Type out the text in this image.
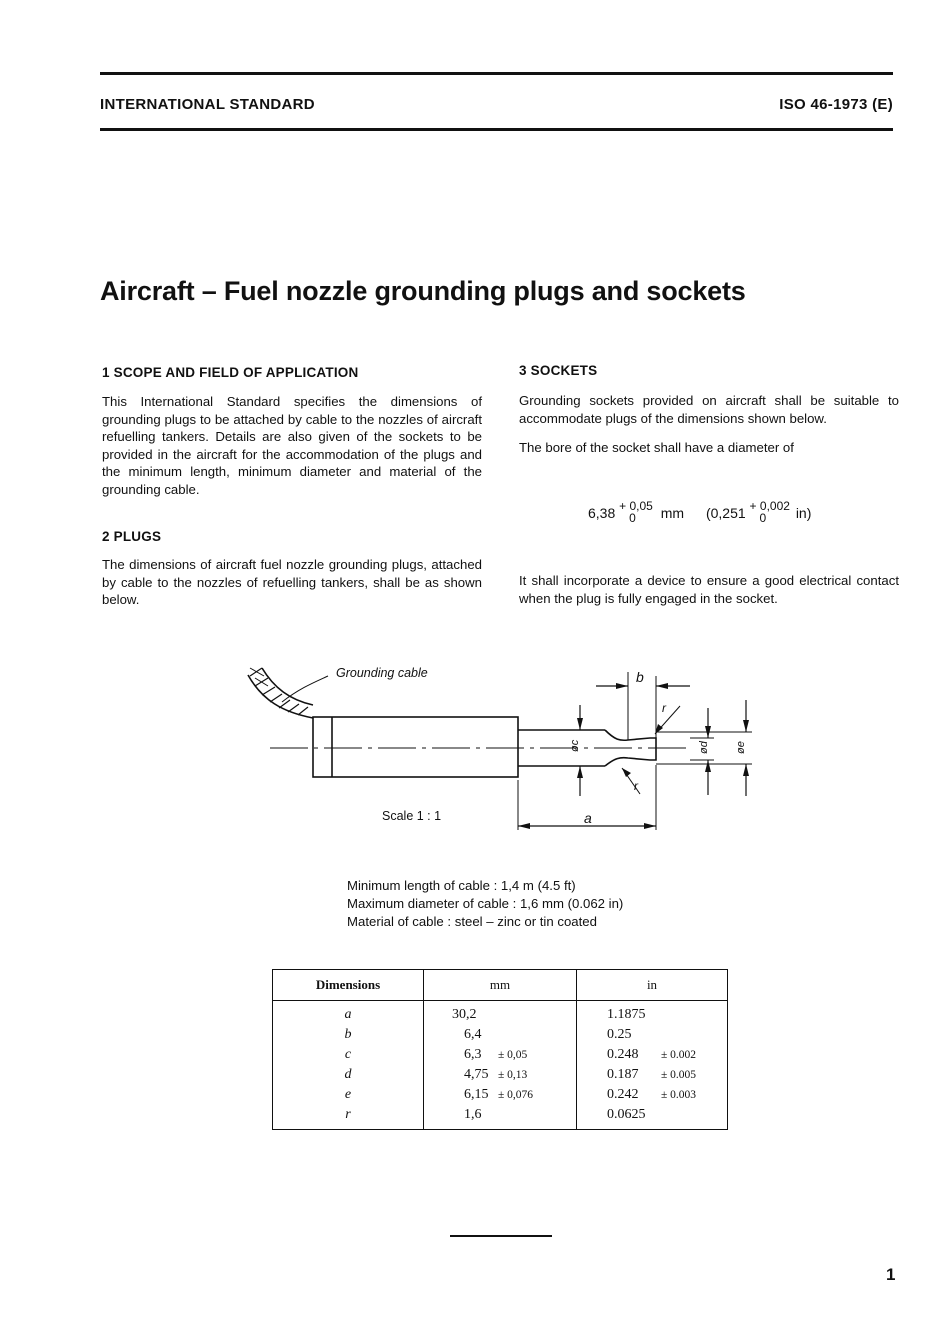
INTERNATIONAL STANDARD	ISO 46-1973 (E)
Aircraft – Fuel nozzle grounding plugs and sockets
1 SCOPE AND FIELD OF APPLICATION
This International Standard specifies the dimensions of grounding plugs to be attached by cable to the nozzles of aircraft refuelling tankers. Details are also given of the sockets to be provided in the aircraft for the accommodation of the plugs and the minimum length, minimum diameter and material of the grounding cable.
2 PLUGS
The dimensions of aircraft fuel nozzle grounding plugs, attached by cable to the nozzles of refuelling tankers, shall be as shown below.
3 SOCKETS
Grounding sockets provided on aircraft shall be suitable to accommodate plugs of the dimensions shown below.
The bore of the socket shall have a diameter of
6,38 + 0,05
0 mm (0,251 + 0,002
0 in)
It shall incorporate a device to ensure a good electrical contact when the plug is fully engaged in the socket.
Grounding cable
Scale 1 : 1	a
b
r
r
øc	ød øe
Minimum length of cable : 1,4 m (4.5 ft)
Maximum diameter of cable : 1,6 mm (0.062 in)
Material of cable : steel – zinc or tin coated
Dimensions	mm	in
a	30,2	1.1875
b	6,4	0.25
c	6,3 ± 0,05	0.248 ± 0.002
d	4,75 ± 0,13	0.187 ± 0.005
e	6,15 ± 0,076	0.242 ± 0.003
r	1,6	0.0625
1
